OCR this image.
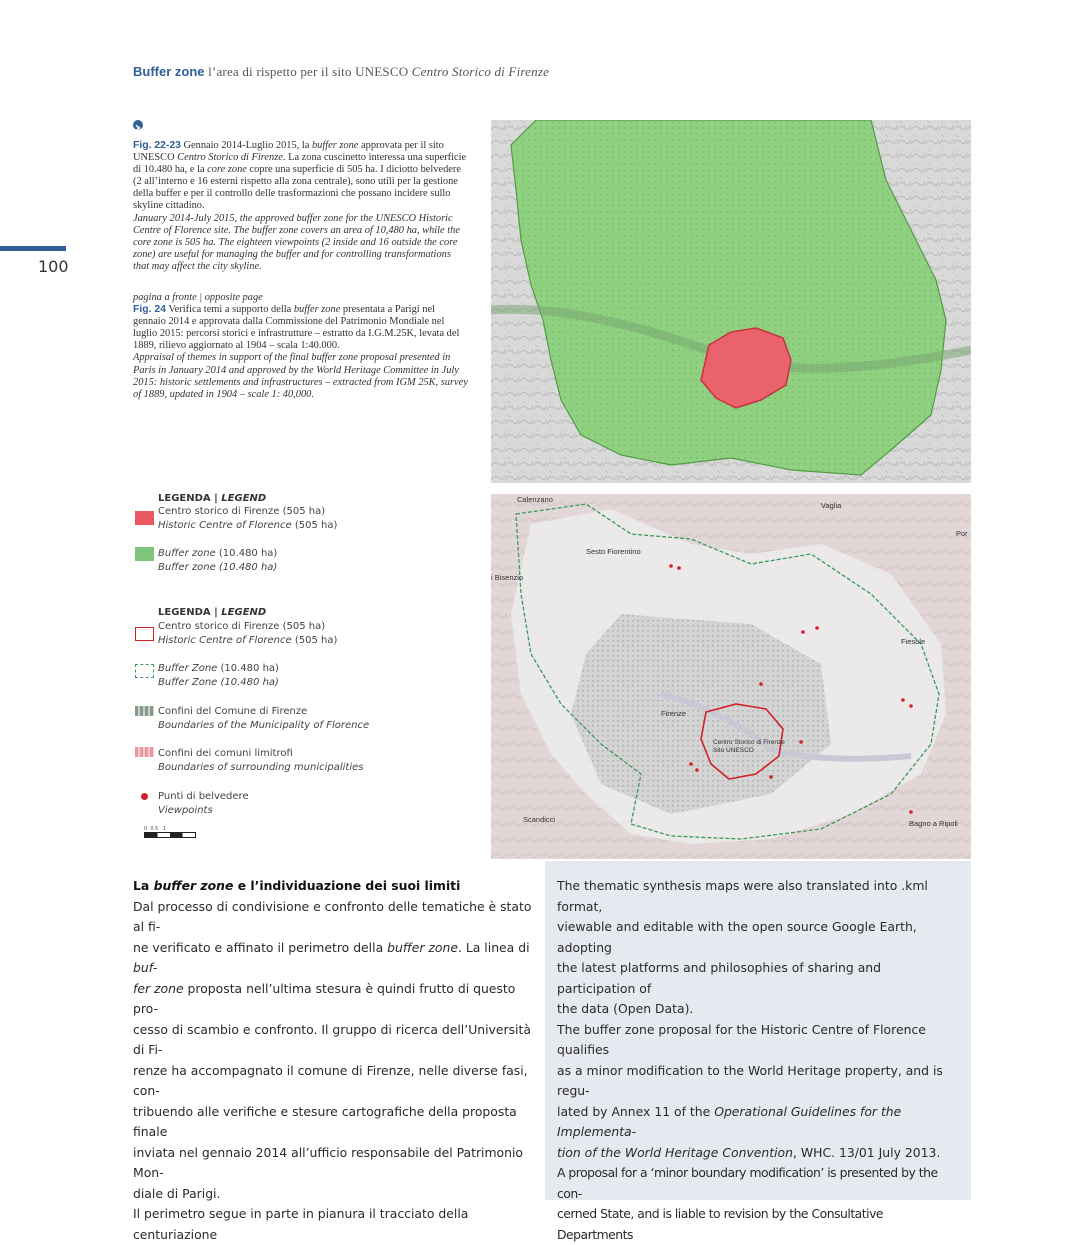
Buffer zone l’area di rispetto per il sito UNESCO Centro Storico di Firenze
100
Fig. 22-23 Gennaio 2014-Luglio 2015, la buffer zone approvata per il sito UNESCO Centro Storico di Firenze. La zona cuscinetto interessa una superficie di 10.480 ha, e la core zone copre una superficie di 505 ha. I diciotto belvedere (2 all’interno e 16 esterni rispetto alla zona centrale), sono utili per la gestione della buffer e per il controllo delle trasformazioni che possano incidere sullo skyline cittadino.
January 2014-July 2015, the approved buffer zone for the UNESCO Historic Centre of Florence site. The buffer zone covers an area of 10,480 ha, while the core zone is 505 ha. The eighteen viewpoints (2 inside and 16 outside the core zone) are useful for managing the buffer and for controlling transformations that may affect the city skyline.
pagina a fronte | opposite page
Fig. 24 Verifica temi a supporto della buffer zone presentata a Parigi nel gennaio 2014 e approvata dalla Commissione del Patrimonio Mondiale nel luglio 2015: percorsi storici e infrastrutture – estratto da I.G.M.25K, levata del 1889, rilievo aggiornato al 1904 – scala 1:40.000.
Appraisal of themes in support of the final buffer zone proposal presented in Paris in January 2014 and approved by the World Heritage Committee in July 2015: historic settlements and infrastructures – extracted from IGM 25K, survey of 1889, updated in 1904 – scale 1: 40,000.
Calenzano
Vaglia
Por
Sesto Fiorentino
i Bisenzio
Fiesole
Firenze
Centro Storico di Firenze
Sito UNESCO
Scandicci	Bagno a Ripoli
LEGENDA | LEGEND
Centro storico di Firenze (505 ha)
Historic Centre of Florence (505 ha)
Buffer zone (10.480 ha)
Buffer zone (10.480 ha)
LEGENDA | LEGEND
Centro storico di Firenze (505 ha)
Historic Centre of Florence (505 ha)
Buffer Zone (10.480 ha)
Buffer Zone (10.480 ha)
Confini del Comune di Firenze
Boundaries of the Municipality of Florence
Confini dei comuni limitrofi
Boundaries of surrounding municipalities
Punti di belvedere
Viewpoints
0  0.5   1

La buffer zone e l’individuazione dei suoi limiti

Dal processo di condivisione e confronto delle tematiche è stato al fi-

ne verificato e affinato il perimetro della buffer zone. La linea di buf-

fer zone proposta nell’ultima stesura è quindi frutto di questo pro-

cesso di scambio e confronto. Il gruppo di ricerca dell’Università di Fi-

renze ha accompagnato il comune di Firenze, nelle diverse fasi, con-

tribuendo alle verifiche e stesure cartografiche della proposta finale

inviata nel gennaio 2014 all’ufficio responsabile del Patrimonio Mon-

diale di Parigi.

Il perimetro segue in parte in pianura il tracciato della centuriazione

The thematic synthesis maps were also translated into .kml format,

viewable and editable with the open source Google Earth, adopting

the latest platforms and philosophies of sharing and participation of

the data (Open Data).

The buffer zone proposal for the Historic Centre of Florence qualifies

as a minor modification to the World Heritage property, and is regu-

lated by Annex 11 of the Operational Guidelines for the Implementa-

tion of the World Heritage Convention, WHC. 13/01 July 2013.

A proposal for a ‘minor boundary modification’ is presented by the con-

cerned State, and is liable to revision by the Consultative Departments
